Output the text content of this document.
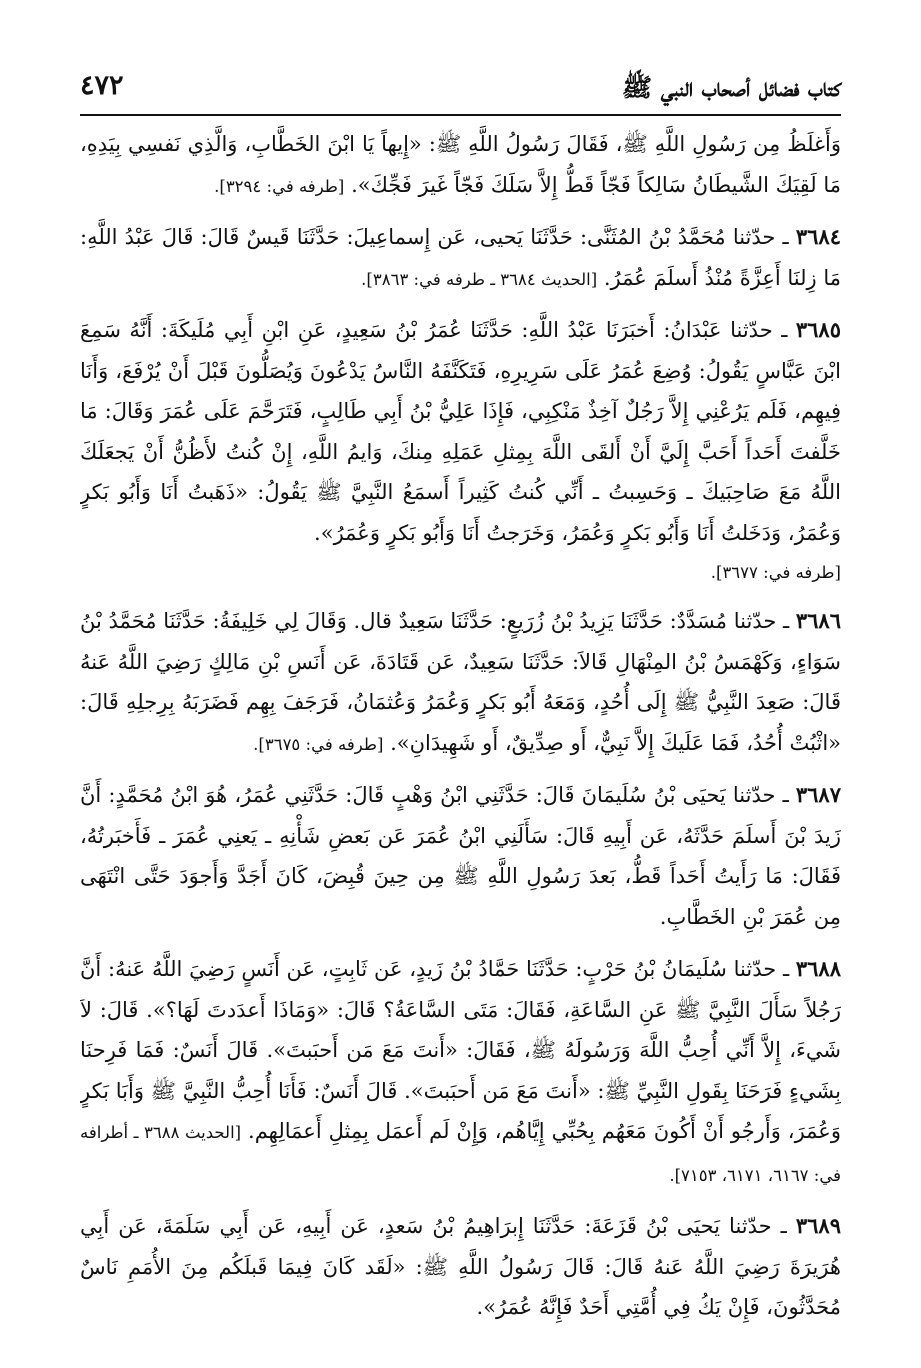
كتاب فضائل أصحاب النبي ﷺ
٤٧٢

وَأَغلَظُ مِن رَسُولِ اللَّهِ ﷺ، فَقَالَ رَسُولُ اللَّهِ ﷺ: «إِيهاً يَا ابْنَ الخَطَّابِ، وَالَّذِي نَفسِي بِيَدِهِ، مَا لَقِيَكَ الشَّيطَانُ سَالِكاً فَجّاً قَطُّ إِلاَّ سَلَكَ فَجّاً غَيرَ فَجِّكَ». [طرفه في: ٣٢٩٤].

٣٦٨٤ ـ حدّثنا مُحَمَّدُ بْنُ المُثَنَّى: حَدَّثَنَا يَحيى، عَن إِسماعِيلَ: حَدَّثَنَا قَيسٌ قَالَ: قَالَ عَبْدُ اللَّهِ: مَا زِلنَا أَعِزَّةً مُنْذُ أَسلَمَ عُمَرُ. [الحديث ٣٦٨٤ ـ طرفه في: ٣٨٦٣].

٣٦٨٥ ـ حدّثنا عَبْدَانُ: أَخبَرَنَا عَبْدُ اللَّهِ: حَدَّثَنَا عُمَرُ بْنُ سَعِيدٍ، عَنِ ابْنِ أَبِي مُلَيكَةَ: أَنَّهُ سَمِعَ ابْنَ عَبَّاسٍ يَقُولُ: وُضِعَ عُمَرُ عَلَى سَرِيرِهِ، فَتَكَنَّفَهُ النَّاسُ يَدْعُونَ وَيُصَلُّونَ قَبْلَ أَنْ يُرْفَعَ، وَأَنَا فِيهِم، فَلَم يَرُعْنِي إِلاَّ رَجُلٌ آخِذٌ مَنْكِبِي، فَإِذَا عَلِيُّ بْنُ أَبِي طَالِبٍ، فَتَرَحَّمَ عَلَى عُمَرَ وَقَالَ: مَا خَلَّفتَ أَحَداً أَحَبَّ إِلَيَّ أَنْ أَلقَى اللَّهَ بِمِثلِ عَمَلِهِ مِنكَ، وَايمُ اللَّهِ، إِنْ كُنتُ لأَظُنُّ أَنْ يَجعَلَكَ اللَّهُ مَعَ صَاحِبَيكَ ـ وَحَسِبتُ ـ أَنِّي كُنتُ كَثِيراً أَسمَعُ النَّبِيَّ ﷺ يَقُولُ: «ذَهَبتُ أَنَا وَأَبُو بَكرٍ وَعُمَرُ، وَدَخَلتُ أَنَا وَأَبُو بَكرٍ وَعُمَرُ، وَخَرَجتُ أَنَا وَأَبُو بَكرٍ وَعُمَرُ».

[طرفه في: ٣٦٧٧].

٣٦٨٦ ـ حدّثنا مُسَدَّدٌ: حَدَّثَنَا يَزِيدُ بْنُ زُرَيعٍ: حَدَّثَنَا سَعِيدٌ قال. وَقَالَ لِي خَلِيفَةُ: حَدَّثَنَا مُحَمَّدُ بْنُ سَوَاءٍ، وَكَهْمَسُ بْنُ المِنْهَالِ قَالاَ: حَدَّثَنَا سَعِيدٌ، عَن قَتَادَةَ، عَن أَنَسِ بْنِ مَالِكٍ رَضِيَ اللَّهُ عَنهُ قَالَ: صَعِدَ النَّبِيُّ ﷺ إِلَى أُحُدٍ، وَمَعَهُ أَبُو بَكرٍ وَعُمَرُ وَعُثمَانُ، فَرَجَفَ بِهِم فَضَرَبَهُ بِرِجلِهِ قَالَ: «اثْبُتْ أُحُدُ، فَمَا عَلَيكَ إِلاَّ نَبِيٌّ، أَو صِدِّيقٌ، أَو شَهِيدَانِ». [طرفه في: ٣٦٧٥].

٣٦٨٧ ـ حدّثنا يَحيَى بْنُ سُلَيمَانَ قَالَ: حَدَّثَنِي ابْنُ وَهْبٍ قَالَ: حَدَّثَنِي عُمَرُ، هُوَ ابْنُ مُحَمَّدٍ: أَنَّ زَيدَ بْنَ أَسلَمَ حَدَّثَهُ، عَن أَبِيهِ قَالَ: سَأَلَنِي ابْنُ عُمَرَ عَن بَعضِ شَأْنِهِ ـ يَعنِي عُمَرَ ـ فَأَخبَرتُهُ، فَقَالَ: مَا رَأَيتُ أَحَداً قَطُّ، بَعدَ رَسُولِ اللَّهِ ﷺ مِن حِينَ قُبِضَ، كَانَ أَجَدَّ وَأَجوَدَ حَتَّى انْتَهَى مِن عُمَرَ بْنِ الخَطَّابِ.

٣٦٨٨ ـ حدّثنا سُلَيمَانُ بْنُ حَرْبٍ: حَدَّثَنَا حَمَّادُ بْنُ زَيدٍ، عَن ثَابِتٍ، عَن أَنَسٍ رَضِيَ اللَّهُ عَنهُ: أَنَّ رَجُلاً سَأَلَ النَّبِيَّ ﷺ عَنِ السَّاعَةِ، فَقَالَ: مَتَى السَّاعَةُ؟ قَالَ: «وَمَاذَا أَعدَدتَ لَهَا؟». قَالَ: لاَ شَيءَ، إِلاَّ أَنِّي أُحِبُّ اللَّهَ وَرَسُولَهُ ﷺ، فَقَالَ: «أَنتَ مَعَ مَن أَحبَبتَ». قَالَ أَنَسٌ: فَمَا فَرِحنَا بِشَيءٍ فَرَحَنَا بِقَولِ النَّبِيِّ ﷺ: «أَنتَ مَعَ مَن أَحبَبتَ». قَالَ أَنَسٌ: فَأَنَا أُحِبُّ النَّبِيَّ ﷺ وَأَبَا بَكرٍ وَعُمَرَ، وَأَرجُو أَنْ أَكُونَ مَعَهُم بِحُبِّي إِيَّاهُم، وَإِنْ لَم أَعمَل بِمِثلِ أَعمَالِهِم. [الحديث ٣٦٨٨ ـ أطرافه في: ٦١٦٧، ٦١٧١، ٧١٥٣].

٣٦٨٩ ـ حدّثنا يَحيَى بْنُ قَزَعَةَ: حَدَّثَنَا إِبرَاهِيمُ بْنُ سَعدٍ، عَن أَبِيهِ، عَن أَبِي سَلَمَةَ، عَن أَبِي هُرَيرَةَ رَضِيَ اللَّهُ عَنهُ قَالَ: قَالَ رَسُولُ اللَّهِ ﷺ: «لَقَد كَانَ فِيمَا قَبلَكُم مِنَ الأُمَمِ نَاسٌ مُحَدَّثُونَ، فَإِنْ يَكُ فِي أُمَّتِي أَحَدٌ فَإِنَّهُ عُمَرُ».
